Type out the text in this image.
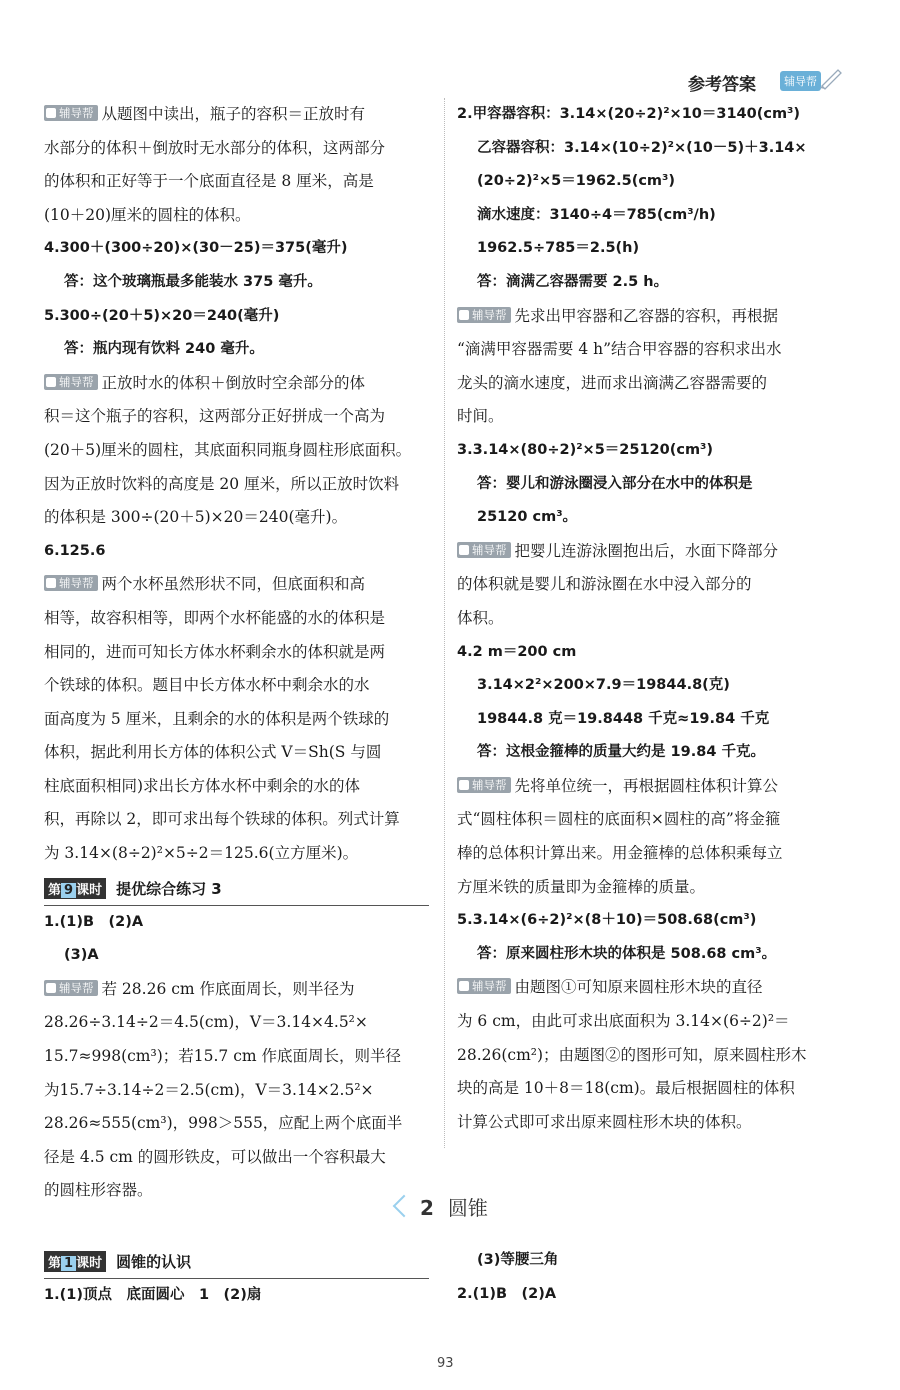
参考答案	辅导帮
辅导帮 从题图中读出，瓶子的容积＝正放时有
水部分的体积＋倒放时无水部分的体积，这两部分
的体积和正好等于一个底面直径是 8 厘米，高是
(10＋20)厘米的圆柱的体积。
4.300＋(300÷20)×(30－25)＝375(毫升)
答：这个玻璃瓶最多能装水 375 毫升。
5.300÷(20＋5)×20＝240(毫升)
答：瓶内现有饮料 240 毫升。
辅导帮 正放时水的体积＋倒放时空余部分的体
积＝这个瓶子的容积，这两部分正好拼成一个高为
(20＋5)厘米的圆柱，其底面积同瓶身圆柱形底面积。
因为正放时饮料的高度是 20 厘米，所以正放时饮料
的体积是 300÷(20＋5)×20＝240(毫升)。
6.125.6
辅导帮 两个水杯虽然形状不同，但底面积和高
相等，故容积相等，即两个水杯能盛的水的体积是
相同的，进而可知长方体水杯剩余水的体积就是两
个铁球的体积。题目中长方体水杯中剩余水的水
面高度为 5 厘米，且剩余的水的体积是两个铁球的
体积，据此利用长方体的体积公式 V＝Sh(S 与圆
柱底面积相同)求出长方体水杯中剩余的水的体
积，再除以 2，即可求出每个铁球的体积。列式计算
为 3.14×(8÷2)²×5÷2＝125.6(立方厘米)。
第 9 课时 提优综合练习 3
1.(1)B　(2)A
(3)A
辅导帮 若 28.26 cm 作底面周长，则半径为
28.26÷3.14÷2＝4.5(cm)，V＝3.14×4.5²×
15.7≈998(cm³)；若15.7 cm 作底面周长，则半径
为15.7÷3.14÷2＝2.5(cm)，V＝3.14×2.5²×
28.26≈555(cm³)，998＞555，应配上两个底面半
径是 4.5 cm 的圆形铁皮，可以做出一个容积最大
的圆柱形容器。
2.甲容器容积：3.14×(20÷2)²×10＝3140(cm³)
乙容器容积：3.14×(10÷2)²×(10－5)＋3.14×
(20÷2)²×5＝1962.5(cm³)
滴水速度：3140÷4＝785(cm³/h)
1962.5÷785＝2.5(h)
答：滴满乙容器需要 2.5 h。
辅导帮 先求出甲容器和乙容器的容积，再根据
“滴满甲容器需要 4 h”结合甲容器的容积求出水
龙头的滴水速度，进而求出滴满乙容器需要的
时间。
3.3.14×(80÷2)²×5＝25120(cm³)
答：婴儿和游泳圈浸入部分在水中的体积是
25120 cm³。
辅导帮 把婴儿连游泳圈抱出后，水面下降部分
的体积就是婴儿和游泳圈在水中浸入部分的
体积。
4.2 m＝200 cm
3.14×2²×200×7.9＝19844.8(克)
19844.8 克＝19.8448 千克≈19.84 千克
答：这根金箍棒的质量大约是 19.84 千克。
辅导帮 先将单位统一，再根据圆柱体积计算公
式“圆柱体积＝圆柱的底面积×圆柱的高”将金箍
棒的总体积计算出来。用金箍棒的总体积乘每立
方厘米铁的质量即为金箍棒的质量。
5.3.14×(6÷2)²×(8＋10)＝508.68(cm³)
答：原来圆柱形木块的体积是 508.68 cm³。
辅导帮 由题图①可知原来圆柱形木块的直径
为 6 cm，由此可求出底面积为 3.14×(6÷2)²＝
28.26(cm²)；由题图②的图形可知，原来圆柱形木
块的高是 10＋8＝18(cm)。最后根据圆柱的体积
计算公式即可求出原来圆柱形木块的体积。
2 圆锥
第 1 课时 圆锥的认识
1.(1)顶点　底面圆心　1　(2)扇
(3)等腰三角
2.(1)B　(2)A
93
